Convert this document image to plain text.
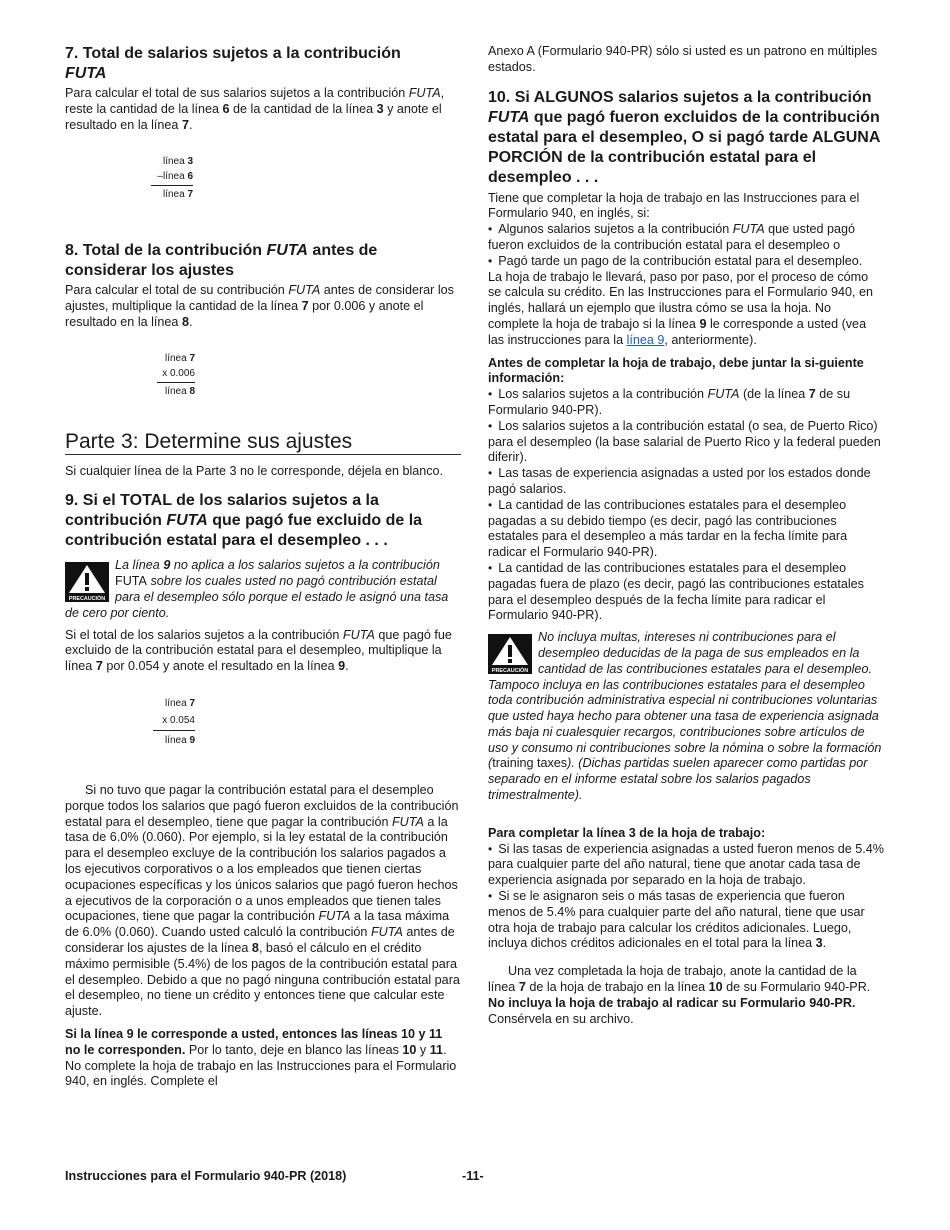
7. Total de salarios sujetos a la contribución
FUTA

Para calcular el total de sus salarios sujetos a la contribución FUTA, reste la cantidad de la línea 6 de la cantidad de la línea 3 y anote el resultado en la línea 7.

línea 3
–línea 6
línea 7
8. Total de la contribución FUTA antes de considerar los ajustes

Para calcular el total de su contribución FUTA antes de considerar los ajustes, multiplique la cantidad de la línea 7 por 0.006 y anote el resultado en la línea 8.

línea 7
x 0.006
línea 8
Parte 3: Determine sus ajustes

Si cualquier línea de la Parte 3 no le corresponde, déjela en blanco.

9. Si el TOTAL de los salarios sujetos a la contribución FUTA que pagó fue excluido de la contribución estatal para el desempleo . . .
PRECAUCIÓN

La línea 9 no aplica a los salarios sujetos a la contribución FUTA sobre los cuales usted no pagó contribución estatal para el desempleo sólo porque el estado le asignó una tasa de cero por ciento.

Si el total de los salarios sujetos a la contribución FUTA que pagó fue excluido de la contribución estatal para el desempleo, multiplique la línea 7 por 0.054 y anote el resultado en la línea 9.

línea 7
x 0.054
línea 9

Si no tuvo que pagar la contribución estatal para el desempleo porque todos los salarios que pagó fueron excluidos de la contribución estatal para el desempleo, tiene que pagar la contribución FUTA a la tasa de 6.0% (0.060). Por ejemplo, si la ley estatal de la contribución para el desempleo excluye de la contribución los salarios pagados a los ejecutivos corporativos o a los empleados que tienen ciertas ocupaciones específicas y los únicos salarios que pagó fueron hechos a ejecutivos de la corporación o a unos empleados que tienen tales ocupaciones, tiene que pagar la contribución FUTA a la tasa máxima de 6.0% (0.060). Cuando usted calculó la contribución FUTA antes de considerar los ajustes de la línea 8, basó el cálculo en el crédito máximo permisible (5.4%) de los pagos de la contribución estatal para el desempleo. Debido a que no pagó ninguna contribución estatal para el desempleo, no tiene un crédito y entonces tiene que calcular este ajuste.

Si la línea 9 le corresponde a usted, entonces las líneas 10 y 11 no le corresponden. Por lo tanto, deje en blanco las líneas 10 y 11. No complete la hoja de trabajo en las Instrucciones para el Formulario 940, en inglés. Complete el

Anexo A (Formulario 940-PR) sólo si usted es un patrono en múltiples estados.

10. Si ALGUNOS salarios sujetos a la contribución FUTA que pagó fueron excluidos de la contribución estatal para el desempleo, O si pagó tarde ALGUNA PORCIÓN de la contribución estatal para el desempleo . . .

Tiene que completar la hoja de trabajo en las Instrucciones para el Formulario 940, en inglés, si:

• Algunos salarios sujetos a la contribución FUTA que usted pagó fueron excluidos de la contribución estatal para el desempleo o

• Pagó tarde un pago de la contribución estatal para el desempleo.

La hoja de trabajo le llevará, paso por paso, por el proceso de cómo se calcula su crédito. En las Instrucciones para el Formulario 940, en inglés, hallará un ejemplo que ilustra cómo se usa la hoja. No complete la hoja de trabajo si la línea 9 le corresponde a usted (vea las instrucciones para la línea 9, anteriormente).

Antes de completar la hoja de trabajo, debe juntar la si-guiente información:

• Los salarios sujetos a la contribución FUTA (de la línea 7 de su Formulario 940-PR).

• Los salarios sujetos a la contribución estatal (o sea, de Puerto Rico) para el desempleo (la base salarial de Puerto Rico y la federal pueden diferir).

• Las tasas de experiencia asignadas a usted por los estados donde pagó salarios.

• La cantidad de las contribuciones estatales para el desempleo pagadas a su debido tiempo (es decir, pagó las contribuciones estatales para el desempleo a más tardar en la fecha límite para radicar el Formulario 940-PR).

• La cantidad de las contribuciones estatales para el desempleo pagadas fuera de plazo (es decir, pagó las contribuciones estatales para el desempleo después de la fecha límite para radicar el Formulario 940-PR).

PRECAUCIÓN

No incluya multas, intereses ni contribuciones para el desempleo deducidas de la paga de sus empleados en la cantidad de las contribuciones estatales para el desempleo. Tampoco incluya en las contribuciones estatales para el desempleo toda contribución administrativa especial ni contribuciones voluntarias que usted haya hecho para obtener una tasa de experiencia asignada más baja ni cualesquier recargos, contribuciones sobre artículos de uso y consumo ni contribuciones sobre la nómina o sobre la formación (training taxes). (Dichas partidas suelen aparecer como partidas por separado en el informe estatal sobre los salarios pagados trimestralmente).

Para completar la línea 3 de la hoja de trabajo:

• Si las tasas de experiencia asignadas a usted fueron menos de 5.4% para cualquier parte del año natural, tiene que anotar cada tasa de experiencia asignada por separado en la hoja de trabajo.

• Si se le asignaron seis o más tasas de experiencia que fueron menos de 5.4% para cualquier parte del año natural, tiene que usar otra hoja de trabajo para calcular los créditos adicionales. Luego, incluya dichos créditos adicionales en el total para la línea 3.

Una vez completada la hoja de trabajo, anote la cantidad de la línea 7 de la hoja de trabajo en la línea 10 de su Formulario 940-PR. No incluya la hoja de trabajo al radicar su Formulario 940-PR. Consérvela en su archivo.

Instrucciones para el Formulario 940-PR (2018)	-11-
